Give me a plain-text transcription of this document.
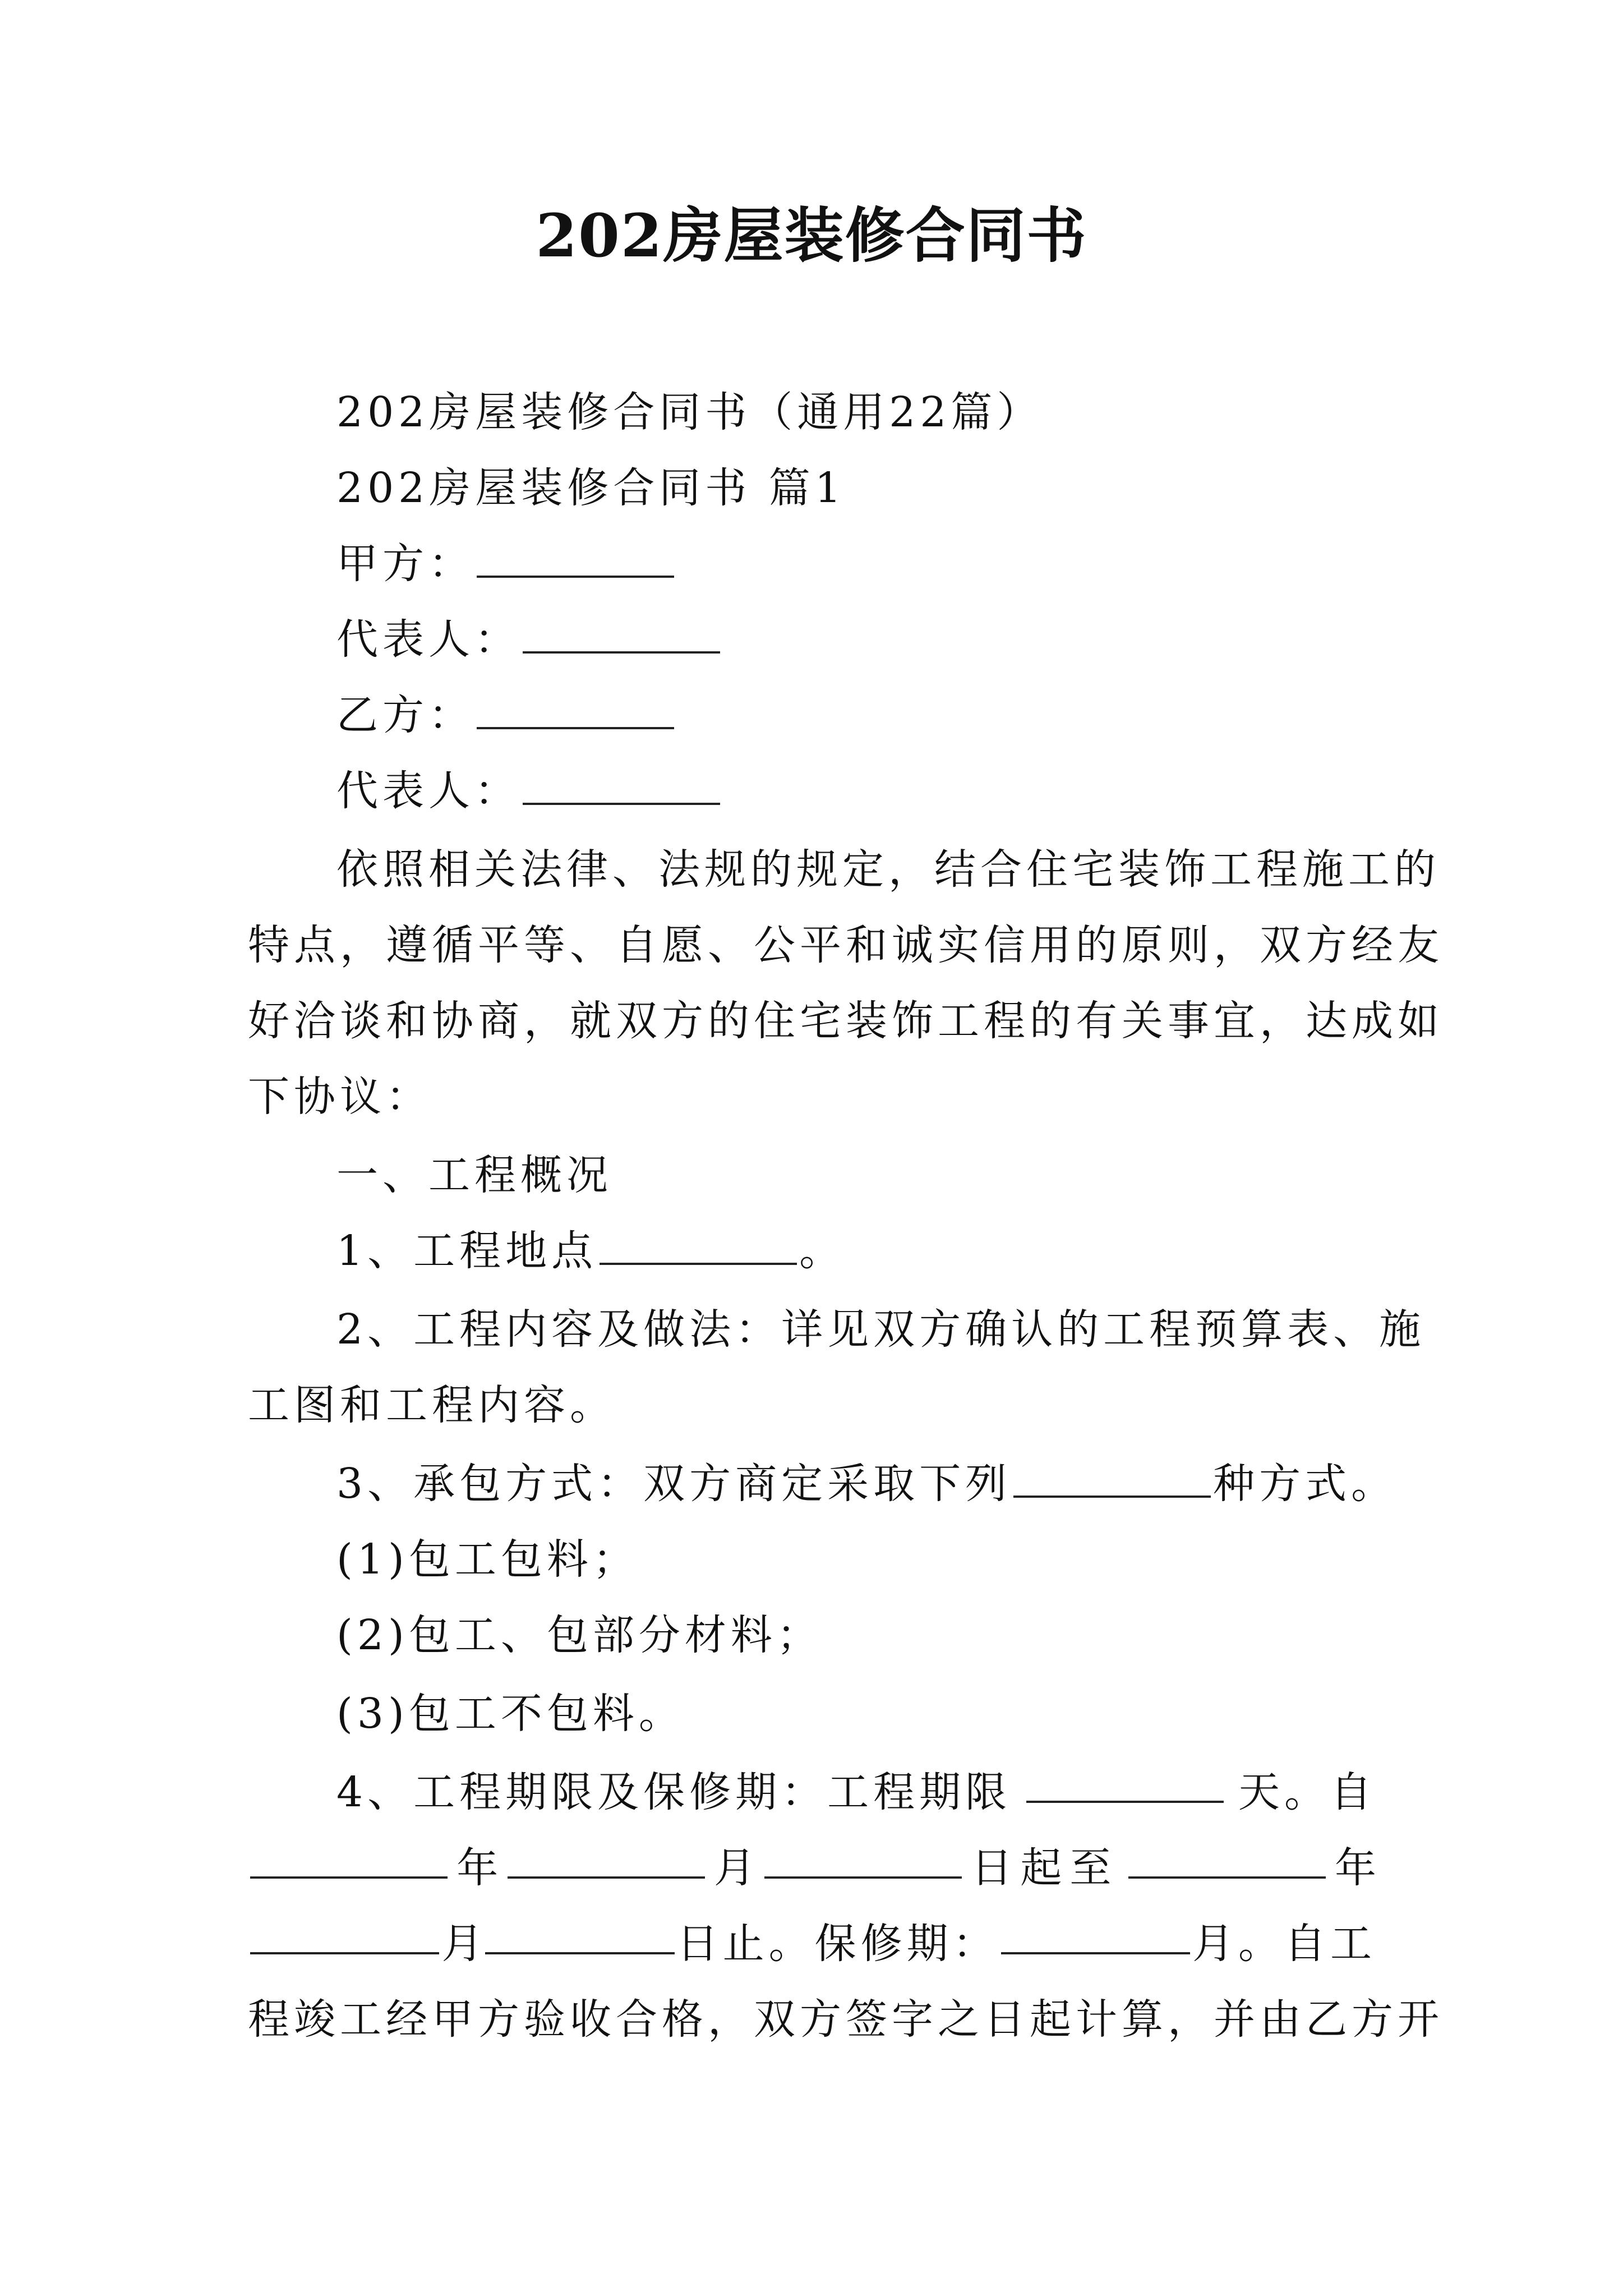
202房屋装修合同书
202房屋装修合同书（通用22篇）
202房屋装修合同书 篇1
甲方：
代表人：
乙方：
代表人：
依照相关法律、法规的规定，结合住宅装饰工程施工的
特点，遵循平等、自愿、公平和诚实信用的原则，双方经友
好洽谈和协商，就双方的住宅装饰工程的有关事宜，达成如
下协议：
一、工程概况
1、工程地点	。
2、工程内容及做法：详见双方确认的工程预算表、施
工图和工程内容。
3、承包方式：双方商定采取下列	种方式。
(1)包工包料；
(2)包工、包部分材料；
(3)包工不包料。
4、工程期限及保修期：工程期限	天。自
年	月	日起至	年
月	日止。保修期：	月。自工
程竣工经甲方验收合格，双方签字之日起计算，并由乙方开
